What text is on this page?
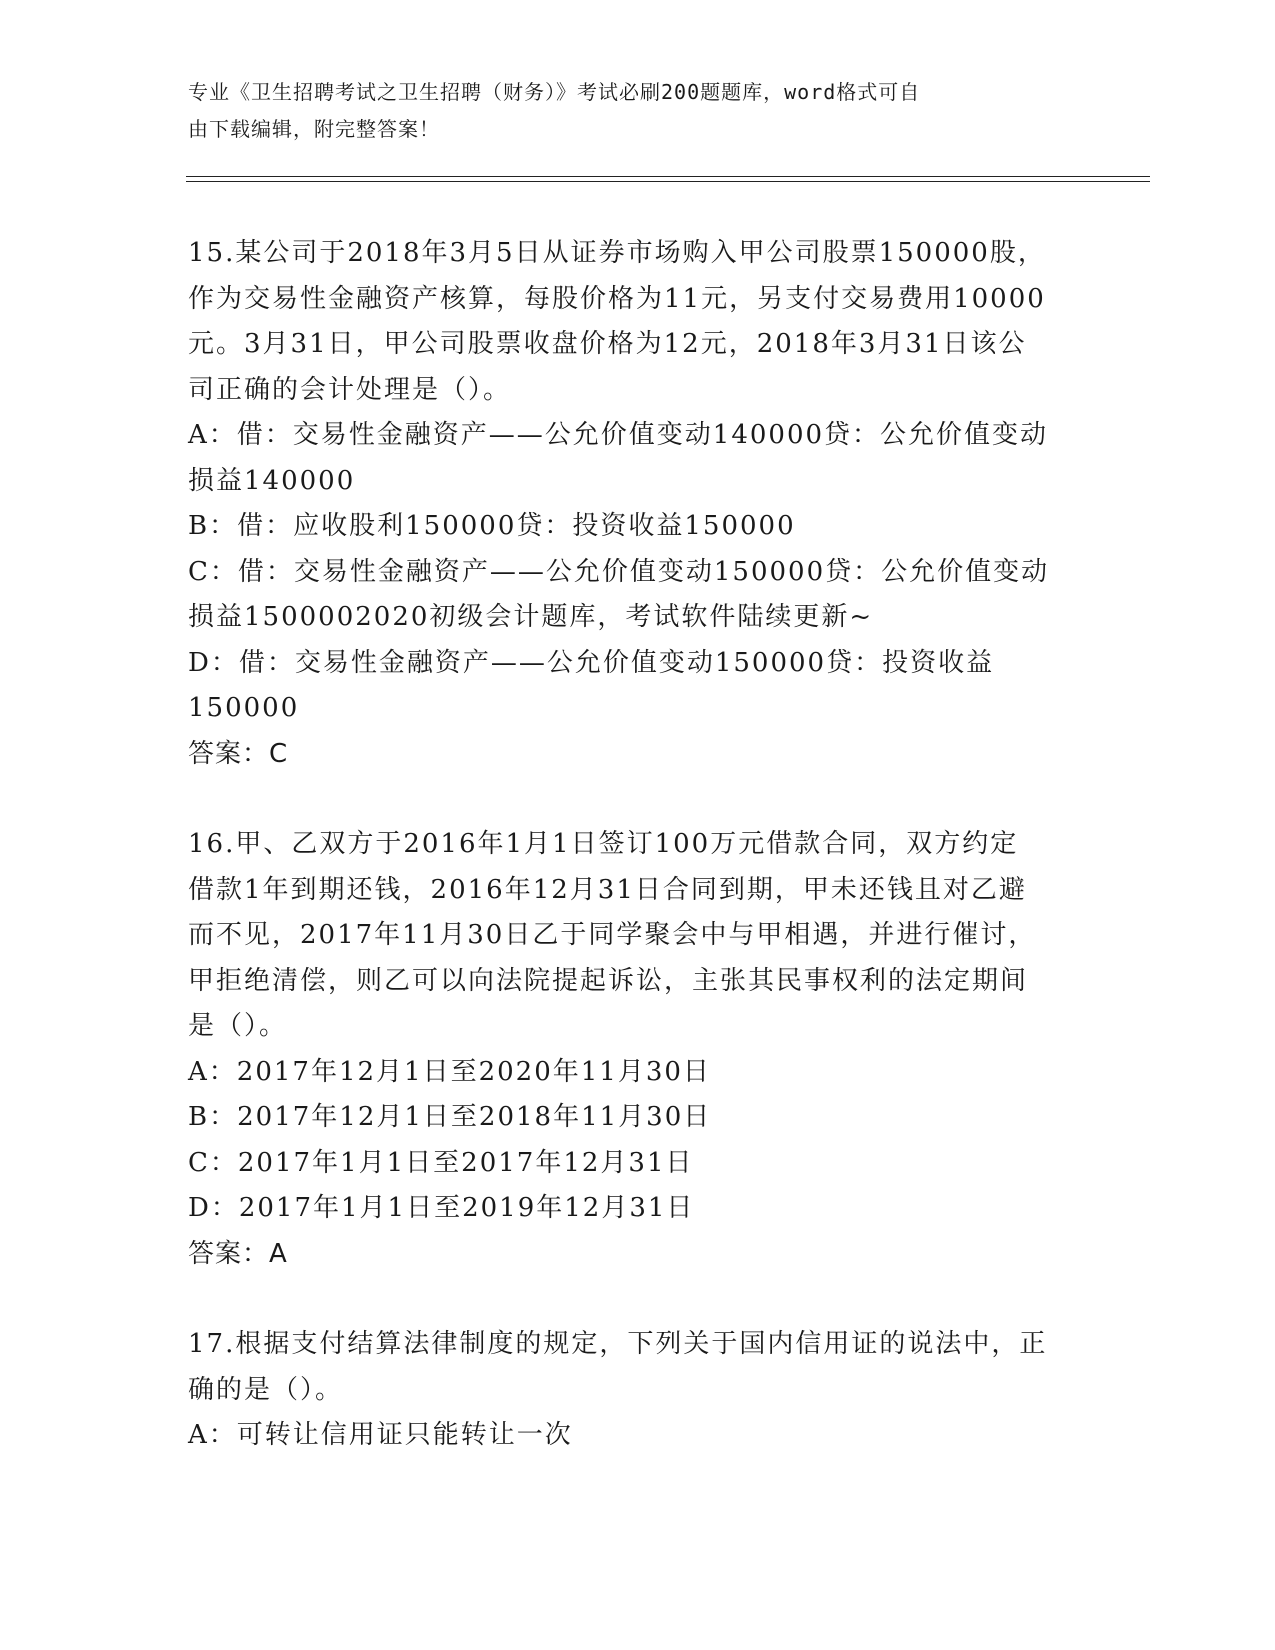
专业《卫生招聘考试之卫生招聘（财务）》考试必刷200题题库，word格式可自
由下载编辑，附完整答案！

15.某公司于2018年3月5日从证券市场购入甲公司股票150000股，

作为交易性金融资产核算，每股价格为11元，另支付交易费用10000

元。3月31日，甲公司股票收盘价格为12元，2018年3月31日该公

司正确的会计处理是（）。

A：借：交易性金融资产——公允价值变动140000贷：公允价值变动

损益140000

B：借：应收股利150000贷：投资收益150000

C：借：交易性金融资产——公允价值变动150000贷：公允价值变动

损益1500002020初级会计题库，考试软件陆续更新~

D：借：交易性金融资产——公允价值变动150000贷：投资收益

150000

答案：C

16.甲、乙双方于2016年1月1日签订100万元借款合同，双方约定

借款1年到期还钱，2016年12月31日合同到期，甲未还钱且对乙避

而不见，2017年11月30日乙于同学聚会中与甲相遇，并进行催讨，

甲拒绝清偿，则乙可以向法院提起诉讼，主张其民事权利的法定期间

是（）。

A：2017年12月1日至2020年11月30日

B：2017年12月1日至2018年11月30日

C：2017年1月1日至2017年12月31日

D：2017年1月1日至2019年12月31日

答案：A

17.根据支付结算法律制度的规定，下列关于国内信用证的说法中，正

确的是（）。

A：可转让信用证只能转让一次
